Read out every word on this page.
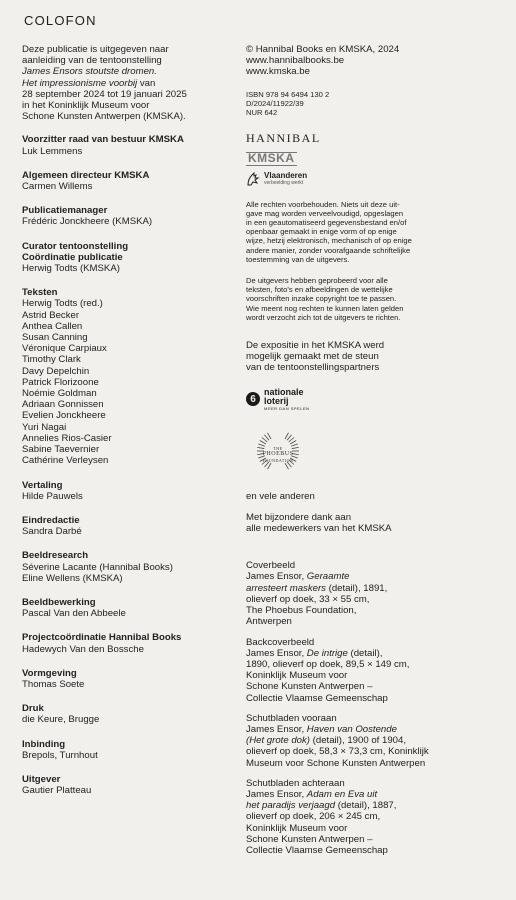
COLOFON
Deze publicatie is uitgegeven naar
aanleiding van de tentoonstelling
James Ensors stoutste dromen.
Het impressionisme voorbij van
28 september 2024 tot 19 januari 2025
in het Koninklijk Museum voor
Schone Kunsten Antwerpen (KMSKA).
Voorzitter raad van bestuur KMSKA
Luk Lemmens
Algemeen directeur KMSKA
Carmen Willems
Publicatiemanager
Frédéric Jonckheere (KMSKA)
Curator tentoonstelling
Coördinatie publicatie
Herwig Todts (KMSKA)
Teksten
Herwig Todts (red.)
Astrid Becker
Anthea Callen
Susan Canning
Véronique Carpiaux
Timothy Clark
Davy Depelchin
Patrick Florizoone
Noémie Goldman
Adriaan Gonnissen
Evelien Jonckheere
Yuri Nagai
Annelies Rios-Casier
Sabine Taevernier
Cathérine Verleysen
Vertaling
Hilde Pauwels
Eindredactie
Sandra Darbé
Beeldresearch
Séverine Lacante (Hannibal Books)
Eline Wellens (KMSKA)
Beeldbewerking
Pascal Van den Abbeele
Projectcoördinatie Hannibal Books
Hadewych Van den Bossche
Vormgeving
Thomas Soete
Druk
die Keure, Brugge
Inbinding
Brepols, Turnhout
Uitgever
Gautier Platteau
© Hannibal Books en KMSKA, 2024
www.hannibalbooks.be
www.kmska.be
ISBN 978 94 6494 130 2
D/2024/11922/39
NUR 642
HANNIBAL
KMSKA
Vlaanderen
verbeelding werkt
Alle rechten voorbehouden. Niets uit deze uit-
gave mag worden verveelvoudigd, opgeslagen
in een geautomatiseerd gegevensbestand en/of
openbaar gemaakt in enige vorm of op enige
wijze, hetzij elektronisch, mechanisch of op enige
andere manier, zonder voorafgaande schriftelijke
toestemming van de uitgevers.
De uitgevers hebben geprobeerd voor alle
teksten, foto's en afbeeldingen de wettelijke
voorschriften inzake copyright toe te passen.
Wie meent nog rechten te kunnen laten gelden
wordt verzocht zich tot de uitgevers te richten.
De expositie in het KMSKA werd
mogelijk gemaakt met de steun
van de tentoonstellingspartners
6
nationale
loterij
MEER DAN SPELEN
THE
PHOEBUS
FOUNDATION
en vele anderen
Met bijzondere dank aan
alle medewerkers van het KMSKA
Coverbeeld
James Ensor, Geraamte
arresteert maskers (detail), 1891,
olieverf op doek, 33 × 55 cm,
The Phoebus Foundation,
Antwerpen
Backcoverbeeld
James Ensor, De intrige (detail),
1890, olieverf op doek, 89,5 × 149 cm,
Koninklijk Museum voor
Schone Kunsten Antwerpen –
Collectie Vlaamse Gemeenschap
Schutbladen vooraan
James Ensor, Haven van Oostende
(Het grote dok) (detail), 1900 of 1904,
olieverf op doek, 58,3 × 73,3 cm, Koninklijk
Museum voor Schone Kunsten Antwerpen
Schutbladen achteraan
James Ensor, Adam en Eva uit
het paradijs verjaagd (detail), 1887,
olieverf op doek, 206 × 245 cm,
Koninklijk Museum voor
Schone Kunsten Antwerpen –
Collectie Vlaamse Gemeenschap
